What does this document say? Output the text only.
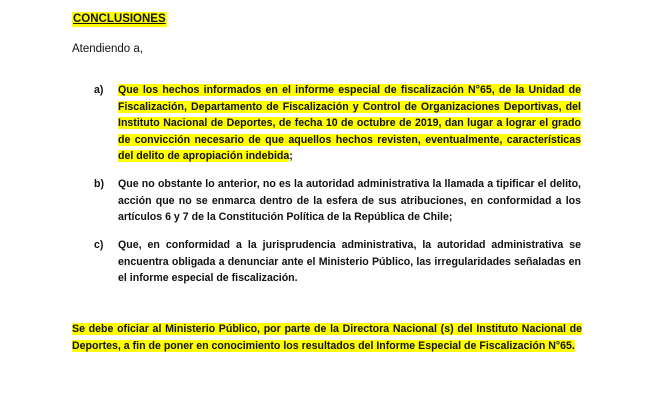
CONCLUSIONES
Atendiendo a,
a) Que los hechos informados en el informe especial de fiscalización N°65, de la Unidad de Fiscalización, Departamento de Fiscalización y Control de Organizaciones Deportivas, del Instituto Nacional de Deportes, de fecha 10 de octubre de 2019, dan lugar a lograr el grado de convicción necesario de que aquellos hechos revisten, eventualmente, características del delito de apropiación indebida;
b) Que no obstante lo anterior, no es la autoridad administrativa la llamada a tipificar el delito, acción que no se enmarca dentro de la esfera de sus atribuciones, en conformidad a los artículos 6 y 7 de la Constitución Política de la República de Chile;
c) Que, en conformidad a la jurisprudencia administrativa, la autoridad administrativa se encuentra obligada a denunciar ante el Ministerio Público, las irregularidades señaladas en el informe especial de fiscalización.
Se debe oficiar al Ministerio Público, por parte de la Directora Nacional (s) del Instituto Nacional de Deportes, a fin de poner en conocimiento los resultados del Informe Especial de Fiscalización N°65.
